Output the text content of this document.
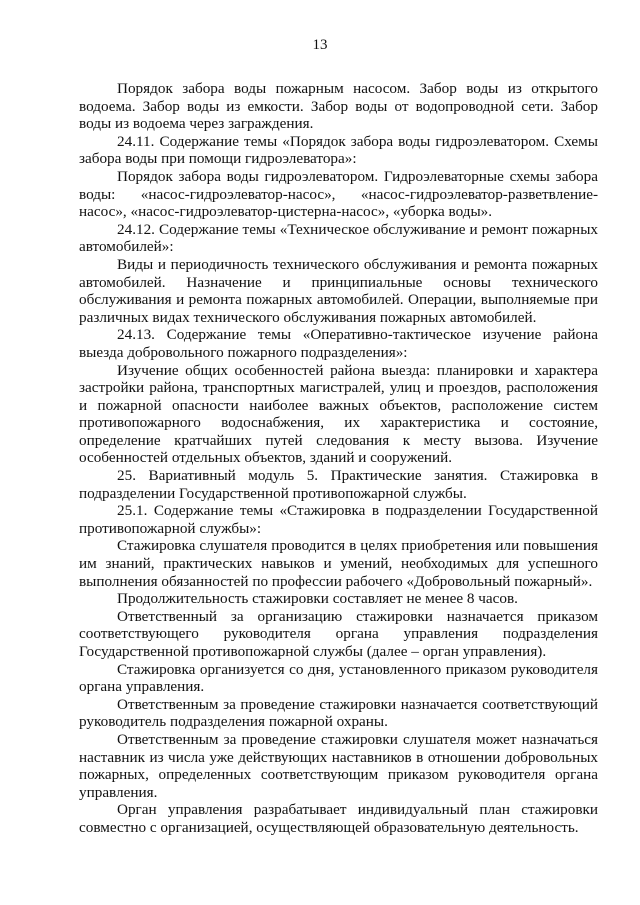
13

Порядок забора воды пожарным насосом. Забор воды из открытого водоема. Забор воды из емкости. Забор воды от водопроводной сети. Забор воды из водоема через заграждения.

24.11. Содержание темы «Порядок забора воды гидроэлеватором. Схемы забора воды при помощи гидроэлеватора»:

Порядок забора воды гидроэлеватором. Гидроэлеваторные схемы забора воды: «насос-гидроэлеватор-насос», «насос-гидроэлеватор-разветвление-насос», «насос-гидроэлеватор-цистерна-насос», «уборка воды».

24.12. Содержание темы «Техническое обслуживание и ремонт пожарных автомобилей»:

Виды и периодичность технического обслуживания и ремонта пожарных автомобилей. Назначение и принципиальные основы технического обслуживания и ремонта пожарных автомобилей. Операции, выполняемые при различных видах технического обслуживания пожарных автомобилей.

24.13. Содержание темы «Оперативно-тактическое изучение района выезда добровольного пожарного подразделения»:

Изучение общих особенностей района выезда: планировки и характера застройки района, транспортных магистралей, улиц и проездов, расположения и пожарной опасности наиболее важных объектов, расположение систем противопожарного водоснабжения, их характеристика и состояние, определение кратчайших путей следования к месту вызова. Изучение особенностей отдельных объектов, зданий и сооружений.

25. Вариативный модуль 5. Практические занятия. Стажировка в подразделении Государственной противопожарной службы.

25.1. Содержание темы «Стажировка в подразделении Государственной противопожарной службы»:

Стажировка слушателя проводится в целях приобретения или повышения им знаний, практических навыков и умений, необходимых для успешного выполнения обязанностей по профессии рабочего «Добровольный пожарный».

Продолжительность стажировки составляет не менее 8 часов.

Ответственный за организацию стажировки назначается приказом соответствующего руководителя органа управления подразделения Государственной противопожарной службы (далее – орган управления).

Стажировка организуется со дня, установленного приказом руководителя органа управления.

Ответственным за проведение стажировки назначается соответствующий руководитель подразделения пожарной охраны.

Ответственным за проведение стажировки слушателя может назначаться наставник из числа уже действующих наставников в отношении добровольных пожарных, определенных соответствующим приказом руководителя органа управления.

Орган управления разрабатывает индивидуальный план стажировки совместно с организацией, осуществляющей образовательную деятельность.
